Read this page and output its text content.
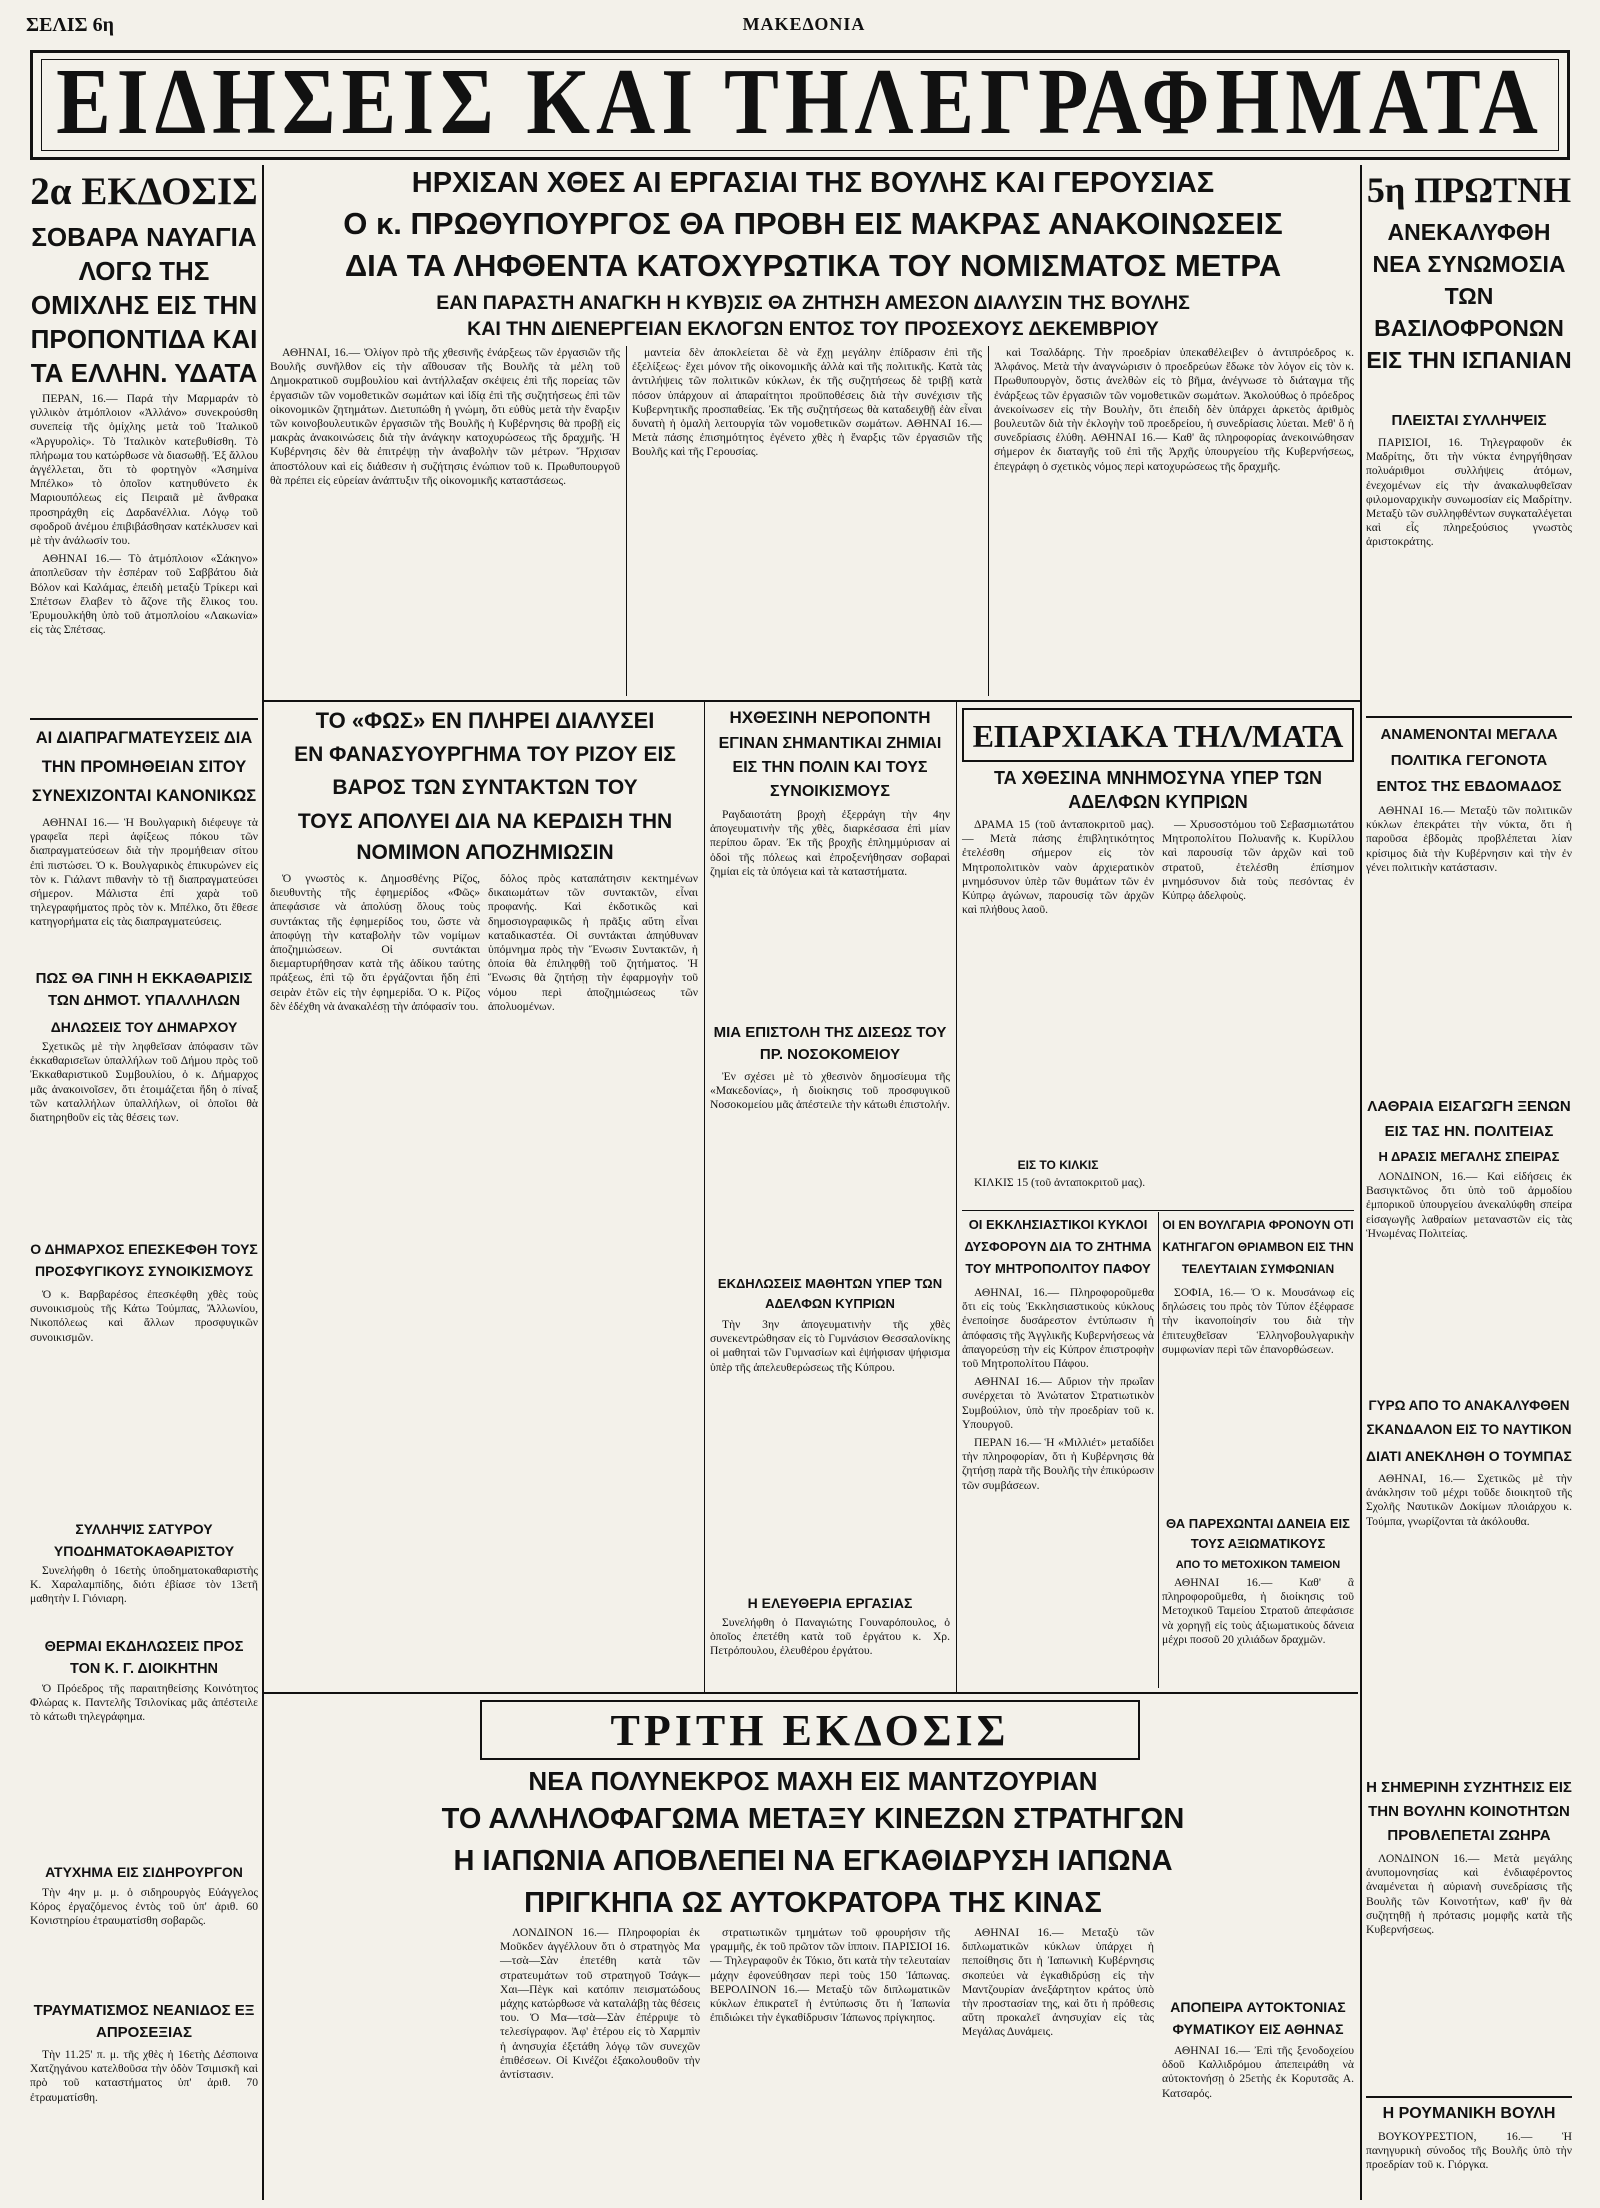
ΣΕΛΙΣ 6η	ΜΑΚΕΔΟΝΙΑ
ΕΙΔΗΣΕΙΣ ΚΑΙ ΤΗΛΕΓΡΑΦΗΜΑΤΑ
2α ΕΚΔΟΣΙΣ
ΣΟΒΑΡΑ ΝΑΥΑΓΙΑ ΛΟΓΩ ΤΗΣ ΟΜΙΧΛΗΣ ΕΙΣ ΤΗΝ ΠΡΟΠΟΝΤΙΔΑ ΚΑΙ ΤΑ ΕΛΛΗΝ. ΥΔΑΤΑ

ΠΕΡΑΝ, 16.— Παρά τὴν Μαρμαράν τὸ γιλλικὸν ἀτμόπλοιον «Ἀλλάνο» συνεκρούσθη συνεπείᾳ τῆς ὁμίχλης μετὰ τοῦ Ἰταλικοῦ «Ἀργυρολὶς». Τὸ Ἰταλικὸν κατεβυθίσθη. Τὸ πλήρωμα του κατώρθωσε νὰ διασωθῇ. Ἐξ ἄλλου ἀγγέλλεται, ὅτι τὸ φορτηγὸν «Ἀσημίνα Μπέλκο» τὸ ὁποῖον κατηυθύνετο ἐκ Μαριουπόλεως εἰς Πειραιᾶ μὲ ἄνθρακα προσηράχθη εἰς Δαρδανέλλια. Λόγῳ τοῦ σφοδροῦ ἀνέμου ἐπιβιβάσθησαν κατέκλυσεν καὶ μὲ τὴν ἀνάλωσίν του.

ΑΘΗΝΑΙ 16.— Τὸ ἀτμόπλοιον «Σάκηνο» ἀποπλεῦσαν τὴν ἑσπέραν τοῦ Σαββάτου διὰ Βόλον καὶ Καλάμας, ἐπειδὴ μεταξὺ Τρίκερι καὶ Σπέτσων ἔλαβεν τὸ ἄζονε τῆς ἕλικος του. Ἐρυμουλκήθη ὑπὸ τοῦ ἀτμοπλοίου «Λακωνία» εἰς τὰς Σπέτσας.

ΑΙ ΔΙΑΠΡΑΓΜΑΤΕΥΣΕΙΣ ΔΙΑ ΤΗΝ ΠΡΟΜΗΘΕΙΑΝ ΣΙΤΟΥ ΣΥΝΕΧΙΖΟΝΤΑΙ ΚΑΝΟΝΙΚΩΣ

ΑΘΗΝΑΙ 16.— Ἡ Βουλγαρικὴ διέφευγε τὰ γραφεῖα περὶ ἀφίξεως πόκου τῶν διαπραγματεύσεων διὰ τὴν προμήθειαν σίτου ἐπὶ πιστώσει. Ὁ κ. Βουλγαρικὸς ἐπικυρώνεν εἰς τὸν κ. Γιάλαντ πιθανὴν τὸ τῇ διαπραγματεύσει σήμερον. Μάλιστα ἐπί χαρὰ τοῦ τηλεγραφήματος πρὸς τὸν κ. Μπέλκο, ὅτι ἔθεσε κατηγορήματα εἰς τὰς διαπραγματεύσεις.

ΠΩΣ ΘΑ ΓΙΝΗ Η ΕΚΚΑΘΑΡΙΣΙΣ ΤΩΝ ΔΗΜΟΤ. ΥΠΑΛΛΗΛΩΝ
ΔΗΛΩΣΕΙΣ ΤΟΥ ΔΗΜΑΡΧΟΥ

Σχετικῶς μὲ τὴν ληφθεῖσαν ἀπόφασιν τῶν ἐκκαθαρισεῖων ὑπαλλήλων τοῦ Δήμου πρὸς τοῦ Ἐκκαθαριστικοῦ Συμβουλίου, ὁ κ. Δήμαρχος μᾶς ἀνακοινοῖσεν, ὅτι ἐτοιμάζεται ἤδη ὁ πίναξ τῶν καταλλήλων ὑπαλλήλων, οἱ ὁποῖοι θὰ διατηρηθοῦν εἰς τὰς θέσεις των.

Ο ΔΗΜΑΡΧΟΣ ΕΠΕΣΚΕΦΘΗ ΤΟΥΣ ΠΡΟΣΦΥΓΙΚΟΥΣ ΣΥΝΟΙΚΙΣΜΟΥΣ

Ὁ κ. Βαρβαρέσος ἐπεσκέφθη χθὲς τοὺς συνοικισμοὺς τῆς Κάτω Τούμπας, Ἄλλωνίου, Νικοπόλεως καὶ ἄλλων προσφυγικῶν συνοικισμῶν.

ΣΥΛΛΗΨΙΣ ΣΑΤΥΡΟΥ ΥΠΟΔΗΜΑΤΟΚΑΘΑΡΙΣΤΟΥ

Συνελήφθη ὁ 16ετὴς ὑποδηματοκαθαριστὴς Κ. Χαραλαμπίδης, διότι ἐβίασε τὸν 13ετῆ μαθητὴν Ι. Γιόνιαρη.

ΘΕΡΜΑΙ ΕΚΔΗΛΩΣΕΙΣ ΠΡΟΣ ΤΟΝ Κ. Γ. ΔΙΟΙΚΗΤΗΝ

Ὁ Πρόεδρος τῆς παραιτηθείσης Κοινότητος Φλώρας κ. Παντελῆς Τσιλονίκας μᾶς ἀπέστειλε τὸ κάτωθι τηλεγράφημα.

ΑΤΥΧΗΜΑ ΕΙΣ ΣΙΔΗΡΟΥΡΓΟΝ

Τὴν 4ην μ. μ. ὁ σιδηρουργὸς Εὐάγγελος Κόρος ἐργαζόμενος ἐντὸς τοῦ ὑπ' ἀριθ. 60 Κονιστηρίου ἐτραυματίσθη σοβαρῶς.

ΤΡΑΥΜΑΤΙΣΜΟΣ ΝΕΑΝΙΔΟΣ ΕΞ ΑΠΡΟΣΕΞΙΑΣ

Τὴν 11.25' π. μ. τῆς χθὲς ἡ 16ετὴς Δέσποινα Χατζηγάνου κατελθοῦσα τὴν ὁδὸν Τσιμισκῆ καὶ πρὸ τοῦ καταστήματος ὑπ' ἀριθ. 70 ἐτραυματίσθη.

ΗΡΧΙΣΑΝ ΧΘΕΣ ΑΙ ΕΡΓΑΣΙΑΙ ΤΗΣ ΒΟΥΛΗΣ ΚΑΙ ΓΕΡΟΥΣΙΑΣ
Ο κ. ΠΡΩΘΥΠΟΥΡΓΟΣ ΘΑ ΠΡΟΒΗ ΕΙΣ ΜΑΚΡΑΣ ΑΝΑΚΟΙΝΩΣΕΙΣ
ΔΙΑ ΤΑ ΛΗΦΘΕΝΤΑ ΚΑΤΟΧΥΡΩΤΙΚΑ ΤΟΥ ΝΟΜΙΣΜΑΤΟΣ ΜΕΤΡΑ
ΕΑΝ ΠΑΡΑΣΤΗ ΑΝΑΓΚΗ Η ΚΥΒ)ΣΙΣ ΘΑ ΖΗΤΗΣΗ ΑΜΕΣΟΝ ΔΙΑΛΥΣΙΝ ΤΗΣ ΒΟΥΛΗΣ
ΚΑΙ ΤΗΝ ΔΙΕΝΕΡΓΕΙΑΝ ΕΚΛΟΓΩΝ ΕΝΤΟΣ ΤΟΥ ΠΡΟΣΕΧΟΥΣ ΔΕΚΕΜΒΡΙΟΥ

ΑΘΗΝΑΙ, 16.— Ὀλίγον πρὸ τῆς χθεσινῆς ἐνάρξεως τῶν ἐργασιῶν τῆς Βουλῆς συνῆλθον εἰς τὴν αἴθουσαν τῆς Βουλῆς τὰ μέλη τοῦ Δημοκρατικοῦ συμβουλίου καὶ ἀντήλλαξαν σκέψεις ἐπὶ τῆς πορείας τῶν ἐργασιῶν τῶν νομοθετικῶν σωμάτων καὶ ἰδίᾳ ἐπὶ τῆς συζητήσεως ἐπὶ τῶν οἰκονομικῶν ζητημάτων. Διετυπώθη ἡ γνώμη, ὅτι εὐθὺς μετὰ τὴν ἔναρξιν τῶν κοινοβουλευτικῶν ἐργασιῶν τῆς Βουλῆς ἡ Κυβέρνησις θὰ προβῇ εἰς μακρὰς ἀνακοινώσεις διὰ τὴν ἀνάγκην κατοχυρώσεως τῆς δραχμῆς. Ἡ Κυβέρνησις δὲν θὰ ἐπιτρέψῃ τὴν ἀναβολὴν τῶν μέτρων. Ἥρχισαν ἀποστόλουν καὶ εἰς διάθεσιν ἡ συζήτησις ἐνώπιον τοῦ κ. Πρωθυπουργοῦ θὰ πρέπει εἰς εὐρείαν ἀνάπτυξιν τῆς οἰκονομικῆς καταστάσεως.

μαντεία δὲν ἀποκλείεται δὲ νὰ ἔχῃ μεγάλην ἐπίδρασιν ἐπὶ τῆς ἐξελίξεως· ἔχει μόνον τῆς οἰκονομικῆς ἀλλὰ καὶ τῆς πολιτικῆς. Κατὰ τὰς ἀντιλήψεις τῶν πολιτικῶν κύκλων, ἐκ τῆς συζητήσεως δὲ τριβῇ κατὰ πόσον ὑπάρχουν αἱ ἀπαραίτητοι προϋποθέσεις διὰ τὴν συνέχισιν τῆς Κυβερνητικῆς προσπαθείας. Ἐκ τῆς συζητήσεως θὰ καταδειχθῇ ἐὰν εἶναι δυνατὴ ἡ ὁμαλὴ λειτουργία τῶν νομοθετικῶν σωμάτων. ΑΘΗΝΑΙ 16.— Μετὰ πάσης ἐπισημότητος ἐγένετο χθὲς ἡ ἔναρξις τῶν ἐργασιῶν τῆς Βουλῆς καὶ τῆς Γερουσίας.

καὶ Τσαλδάρης. Τὴν προεδρίαν ὑπεκαθέλειβεν ὁ ἀντιπρόεδρος κ. Ἀλφάνος. Μετὰ τὴν ἀναγνώρισιν ὁ προεδρεύων ἔδωκε τὸν λόγον εἰς τὸν κ. Πρωθυπουργὸν, ὅστις ἀνελθὼν εἰς τὸ βῆμα, ἀνέγνωσε τὸ διάταγμα τῆς ἐνάρξεως τῶν ἐργασιῶν τῶν νομοθετικῶν σωμάτων. Ἀκολούθως ὁ πρόεδρος ἀνεκοίνωσεν εἰς τὴν Βουλὴν, ὅτι ἐπειδὴ δὲν ὑπάρχει ἀρκετὸς ἀριθμὸς βουλευτῶν διὰ τὴν ἐκλογὴν τοῦ προεδρείου, ἡ συνεδρίασις λύεται. Μεθ' ὃ ἡ συνεδρίασις ἐλύθη. ΑΘΗΝΑΙ 16.— Καθ' ἃς πληροφορίας ἀνεκοινώθησαν σήμερον ἐκ διαταγῆς τοῦ ἐπὶ τῆς Ἀρχῆς ὑπουργείου τῆς Κυβερνήσεως, ἐπεγράφη ὁ σχετικὸς νόμος περὶ κατοχυρώσεως τῆς δραχμῆς.

ΤΟ «ΦΩΣ» ΕΝ ΠΛΗΡΕΙ ΔΙΑΛΥΣΕΙ
ΕΝ ΦΑΝΑΣΥΟΥΡΓΗΜΑ ΤΟΥ ΡΙΖΟΥ ΕΙΣ ΒΑΡΟΣ ΤΩΝ ΣΥΝΤΑΚΤΩΝ ΤΟΥ
ΤΟΥΣ ΑΠΟΛΥΕΙ ΔΙΑ ΝΑ ΚΕΡΔΙΣΗ ΤΗΝ ΝΟΜΙΜΟΝ ΑΠΟΖΗΜΙΩΣΙΝ

Ὁ γνωστὸς κ. Δημοσθένης Ρίζος, διευθυντὴς τῆς ἐφημερίδος «Φῶς» ἀπεφάσισε νὰ ἀπολύσῃ ὅλους τοὺς συντάκτας τῆς ἐφημερίδος του, ὥστε νὰ ἀποφύγῃ τὴν καταβολὴν τῶν νομίμων ἀποζημιώσεων. Οἱ συντάκται διεμαρτυρήθησαν κατὰ τῆς ἀδίκου ταύτης πράξεως, ἐπὶ τῷ ὅτι ἐργάζονται ἤδη ἐπὶ σειρὰν ἐτῶν εἰς τὴν ἐφημερίδα. Ὁ κ. Ρίζος δὲν ἐδέχθη νὰ ἀνακαλέσῃ τὴν ἀπόφασίν του.

δόλος πρὸς καταπάτησιν κεκτημένων δικαιωμάτων τῶν συντακτῶν, εἶναι προφανής. Καὶ ἐκδοτικῶς καὶ δημοσιογραφικῶς ἡ πρᾶξις αὕτη εἶναι καταδικαστέα. Οἱ συντάκται ἀπηύθυναν ὑπόμνημα πρὸς τὴν Ἕνωσιν Συντακτῶν, ἡ ὁποία θὰ ἐπιληφθῇ τοῦ ζητήματος. Ἡ Ἕνωσις θὰ ζητήσῃ τὴν ἐφαρμογὴν τοῦ νόμου περὶ ἀποζημιώσεως τῶν ἀπολυομένων.

ΗΧΘΕΣΙΝΗ ΝΕΡΟΠΟΝΤΗ
ΕΓΙΝΑΝ ΣΗΜΑΝΤΙΚΑΙ ΖΗΜΙΑΙ ΕΙΣ ΤΗΝ ΠΟΛΙΝ ΚΑΙ ΤΟΥΣ ΣΥΝΟΙΚΙΣΜΟΥΣ

Ραγδαιοτάτη βροχὴ ἐξερράγη τὴν 4ην ἀπογευματινὴν τῆς χθὲς, διαρκέσασα ἐπὶ μίαν περίπου ὥραν. Ἐκ τῆς βροχῆς ἐπλημμύρισαν αἱ ὁδοὶ τῆς πόλεως καὶ ἐπροξενήθησαν σοβαραὶ ζημίαι εἰς τὰ ὑπόγεια καὶ τὰ καταστήματα.

ΜΙΑ ΕΠΙΣΤΟΛΗ ΤΗΣ ΔΙΣΕΩΣ ΤΟΥ ΠΡ. ΝΟΣΟΚΟΜΕΙΟΥ

Ἐν σχέσει μὲ τὸ χθεσινὸν δημοσίευμα τῆς «Μακεδονίας», ἡ διοίκησις τοῦ προσφυγικοῦ Νοσοκομείου μᾶς ἀπέστειλε τὴν κάτωθι ἐπιστολήν.

ΕΚΔΗΛΩΣΕΙΣ ΜΑΘΗΤΩΝ ΥΠΕΡ ΤΩΝ ΑΔΕΛΦΩΝ ΚΥΠΡΙΩΝ

Τὴν 3ην ἀπογευματινὴν τῆς χθὲς συνεκεντρώθησαν εἰς τὸ Γυμνάσιον Θεσσαλονίκης οἱ μαθηταὶ τῶν Γυμνασίων καὶ ἐψήφισαν ψήφισμα ὑπὲρ τῆς ἀπελευθερώσεως τῆς Κύπρου.

Η ΕΛΕΥΘΕΡΙΑ ΕΡΓΑΣΙΑΣ

Συνελήφθη ὁ Παναγιώτης Γουναρόπουλος, ὁ ὁποῖος ἐπετέθη κατὰ τοῦ ἐργάτου κ. Χρ. Πετρόπουλου, ἐλευθέρου ἐργάτου.

ΕΠΑΡΧΙΑΚΑ ΤΗΛ/ΜΑΤΑ
ΤΑ ΧΘΕΣΙΝΑ ΜΝΗΜΟΣΥΝΑ ΥΠΕΡ ΤΩΝ ΑΔΕΛΦΩΝ ΚΥΠΡΙΩΝ

ΔΡΑΜΑ 15 (τοῦ ἀνταποκριτοῦ μας).— Μετὰ πάσης ἐπιβλητικότητος ἐτελέσθη σήμερον εἰς τὸν Μητροπολιτικὸν ναὸν ἀρχιερατικὸν μνημόσυνον ὑπὲρ τῶν θυμάτων τῶν ἐν Κύπρῳ ἀγώνων, παρουσίᾳ τῶν ἀρχῶν καὶ πλήθους λαοῦ.

— Χρυσοστόμου τοῦ Σεβασμιωτάτου Μητροπολίτου Πολυανῆς κ. Κυρίλλου καὶ παρουσίᾳ τῶν ἀρχῶν καὶ τοῦ στρατοῦ, ἐτελέσθη ἐπίσημον μνημόσυνον διὰ τοὺς πεσόντας ἐν Κύπρῳ ἀδελφοὺς.

ΕΙΣ ΤΟ ΚΙΛΚΙΣ

ΚΙΛΚΙΣ 15 (τοῦ ἀνταποκριτοῦ μας).

ΟΙ ΕΚΚΛΗΣΙΑΣΤΙΚΟΙ ΚΥΚΛΟΙ ΔΥΣΦΟΡΟΥΝ ΔΙΑ ΤΟ ΖΗΤΗΜΑ ΤΟΥ ΜΗΤΡΟΠΟΛΙΤΟΥ ΠΑΦΟΥ

ΑΘΗΝΑΙ, 16.— Πληροφοροῦμεθα ὅτι εἰς τοὺς Ἐκκλησιαστικοὺς κύκλους ἐνεποίησε δυσάρεστον ἐντύπωσιν ἡ ἀπόφασις τῆς Ἀγγλικῆς Κυβερνήσεως νὰ ἀπαγορεύσῃ τὴν εἰς Κύπρον ἐπιστροφὴν τοῦ Μητροπολίτου Πάφου.

ΑΘΗΝΑΙ 16.— Αὔριον τὴν πρωΐαν συνέρχεται τὸ Ἀνώτατον Στρατιωτικὸν Συμβούλιον, ὑπὸ τὴν προεδρίαν τοῦ κ. Υπουργοῦ.

ΠΕΡΑΝ 16.— Ἡ «Μιλλιέτ» μεταδίδει τὴν πληροφορίαν, ὅτι ἡ Κυβέρνησις θὰ ζητήσῃ παρὰ τῆς Βουλῆς τὴν ἐπικύρωσιν τῶν συμβάσεων.

ΟΙ ΕΝ ΒΟΥΛΓΑΡΙΑ ΦΡΟΝΟΥΝ ΟΤΙ ΚΑΤΗΓΑΓΟΝ ΘΡΙΑΜΒΟΝ ΕΙΣ ΤΗΝ ΤΕΛΕΥΤΑΙΑΝ ΣΥΜΦΩΝΙΑΝ

ΣΟΦΙΑ, 16.— Ὁ κ. Μουσάνωφ εἰς δηλώσεις του πρὸς τὸν Τύπον ἐξέφρασε τὴν ἱκανοποίησίν του διὰ τὴν ἐπιτευχθεῖσαν Ἑλληνοβουλγαρικὴν συμφωνίαν περὶ τῶν ἐπανορθώσεων.

ΘΑ ΠΑΡΕΧΩΝΤΑΙ ΔΑΝΕΙΑ ΕΙΣ ΤΟΥΣ ΑΞΙΩΜΑΤΙΚΟΥΣ
ΑΠΟ ΤΟ ΜΕΤΟΧΙΚΟΝ ΤΑΜΕΙΟΝ

ΑΘΗΝΑΙ 16.— Καθ' ἃ πληροφοροῦμεθα, ἡ διοίκησις τοῦ Μετοχικοῦ Ταμείου Στρατοῦ ἀπεφάσισε νὰ χορηγῇ εἰς τοὺς ἀξιωματικοὺς δάνεια μέχρι ποσοῦ 20 χιλιάδων δραχμῶν.

ΑΠΟΠΕΙΡΑ ΑΥΤΟΚΤΟΝΙΑΣ ΦΥΜΑΤΙΚΟΥ ΕΙΣ ΑΘΗΝΑΣ

ΑΘΗΝΑΙ 16.— Ἐπὶ τῆς ξενοδοχείου ὁδοῦ Καλλιδρόμου ἀπεπειράθη νὰ αὐτοκτονήσῃ ὁ 25ετὴς ἐκ Κορυτσᾶς Α. Κατσαρός.

ΤΡΙΤΗ ΕΚΔΟΣΙΣ
ΝΕΑ ΠΟΛΥΝΕΚΡΟΣ ΜΑΧΗ ΕΙΣ ΜΑΝΤΖΟΥΡΙΑΝ
ΤΟ ΑΛΛΗΛΟΦΑΓΩΜΑ ΜΕΤΑΞΥ ΚΙΝΕΖΩΝ ΣΤΡΑΤΗΓΩΝ
Η ΙΑΠΩΝΙΑ ΑΠΟΒΛΕΠΕΙ ΝΑ ΕΓΚΑΘΙΔΡΥΣΗ ΙΑΠΩΝΑ
ΠΡΙΓΚΗΠΑ ΩΣ ΑΥΤΟΚΡΑΤΟΡΑ ΤΗΣ ΚΙΝΑΣ

ΛΟΝΔΙΝΟΝ 16.— Πληροφορίαι ἐκ Μοῦκδεν ἀγγέλλουν ὅτι ὁ στρατηγὸς Μα—τσὰ—Σὰν ἐπετέθη κατὰ τῶν στρατευμάτων τοῦ στρατηγοῦ Τσάγκ—Χαι—Πὲγκ καὶ κατόπιν πεισματώδους μάχης κατώρθωσε νὰ καταλάβῃ τὰς θέσεις του. Ὁ Μα—τσὰ—Σὰν ἐπέρριψε τὸ τελεσίγραφον. Ἀφ' ἑτέρου εἰς τὸ Χαρμπὶν ἡ ἀνησυχία ἐξετάθη λόγῳ τῶν συνεχῶν ἐπιθέσεων. Οἱ Κινέζοι ἐξακολουθοῦν τὴν ἀντίστασιν.

στρατιωτικῶν τμημάτων τοῦ φρουρήσιν τῆς γραμμῆς, ἐκ τοῦ πρῶτον τῶν ἱπποιν. ΠΑΡΙΣΙΟΙ 16.— Τηλεγραφοῦν ἐκ Τόκιο, ὅτι κατὰ τὴν τελευταίαν μάχην ἐφονεύθησαν περὶ τοὺς 150 Ἰάπωνας. ΒΕΡΟΛΙΝΟΝ 16.— Μεταξὺ τῶν διπλωματικῶν κύκλων ἐπικρατεῖ ἡ ἐντύπωσις ὅτι ἡ Ἰαπωνία ἐπιδιώκει τὴν ἐγκαθίδρυσιν Ἰάπωνος πρίγκηπος.

ΑΘΗΝΑΙ 16.— Μεταξὺ τῶν διπλωματικῶν κύκλων ὑπάρχει ἡ πεποίθησις ὅτι ἡ Ἰαπωνικὴ Κυβέρνησις σκοπεύει νὰ ἐγκαθιδρύσῃ εἰς τὴν Μαντζουρίαν ἀνεξάρτητον κράτος ὑπὸ τὴν προστασίαν της, καὶ ὅτι ἡ πρόθεσις αὕτη προκαλεῖ ἀνησυχίαν εἰς τὰς Μεγάλας Δυνάμεις.

5η ΠΡΩΤΝΗ
ΑΝΕΚΑΛΥΦΘΗ ΝΕΑ ΣΥΝΩΜΟΣΙΑ ΤΩΝ ΒΑΣΙΛΟΦΡΟΝΩΝ ΕΙΣ ΤΗΝ ΙΣΠΑΝΙΑΝ
ΠΛΕΙΣΤΑΙ ΣΥΛΛΗΨΕΙΣ

ΠΑΡΙΣΙΟΙ, 16. Τηλεγραφοῦν ἐκ Μαδρίτης, ὅτι τὴν νύκτα ἐνηργήθησαν πολυάριθμοι συλλήψεις ἀτόμων, ἐνεχομένων εἰς τὴν ἀνακαλυφθεῖσαν φιλομοναρχικὴν συνωμοσίαν εἰς Μαδρίτην. Μεταξὺ τῶν συλληφθέντων συγκαταλέγεται καὶ εἷς πληρεξούσιος γνωστὸς ἀριστοκράτης.

ΑΝΑΜΕΝΟΝΤΑΙ ΜΕΓΑΛΑ ΠΟΛΙΤΙΚΑ ΓΕΓΟΝΟΤΑ ΕΝΤΟΣ ΤΗΣ ΕΒΔΟΜΑΔΟΣ

ΑΘΗΝΑΙ 16.— Μεταξὺ τῶν πολιτικῶν κύκλων ἐπεκράτει τὴν νύκτα, ὅτι ἡ παροῦσα ἑβδομὰς προβλέπεται λίαν κρίσιμος διὰ τὴν Κυβέρνησιν καὶ τὴν ἐν γένει πολιτικὴν κατάστασιν.

ΛΑΘΡΑΙΑ ΕΙΣΑΓΩΓΗ ΞΕΝΩΝ ΕΙΣ ΤΑΣ ΗΝ. ΠΟΛΙΤΕΙΑΣ
Η ΔΡΑΣΙΣ ΜΕΓΑΛΗΣ ΣΠΕΙΡΑΣ

ΛΟΝΔΙΝΟΝ, 16.— Καὶ εἰδήσεις ἐκ Βασιγκτῶνος ὅτι ὑπὸ τοῦ ἀρμοδίου ἐμπορικοῦ ὑπουργείου ἀνεκαλύφθη σπείρα εἰσαγωγῆς λαθραίων μεταναστῶν εἰς τὰς Ἡνωμένας Πολιτείας.

ΓΥΡΩ ΑΠΟ ΤΟ ΑΝΑΚΑΛΥΦΘΕΝ ΣΚΑΝΔΑΛΟΝ ΕΙΣ ΤΟ ΝΑΥΤΙΚΟΝ
ΔΙΑΤΙ ΑΝΕΚΛΗΘΗ Ο ΤΟΥΜΠΑΣ

ΑΘΗΝΑΙ, 16.— Σχετικῶς μὲ τὴν ἀνάκλησιν τοῦ μέχρι τοῦδε διοικητοῦ τῆς Σχολῆς Ναυτικῶν Δοκίμων πλοιάρχου κ. Τούμπα, γνωρίζονται τὰ ἀκόλουθα.

Η ΣΗΜΕΡΙΝΗ ΣΥΖΗΤΗΣΙΣ ΕΙΣ ΤΗΝ ΒΟΥΛΗΝ ΚΟΙΝΟΤΗΤΩΝ ΠΡΟΒΛΕΠΕΤΑΙ ΖΩΗΡΑ

ΛΟΝΔΙΝΟΝ 16.— Μετὰ μεγάλης ἀνυπομονησίας καὶ ἐνδιαφέροντος ἀναμένεται ἡ αὐριανὴ συνεδρίασις τῆς Βουλῆς τῶν Κοινοτήτων, καθ' ἣν θὰ συζητηθῇ ἡ πρότασις μομφῆς κατὰ τῆς Κυβερνήσεως.

Η ΡΟΥΜΑΝΙΚΗ ΒΟΥΛΗ

ΒΟΥΚΟΥΡΕΣΤΙΟΝ, 16.— Ἡ πανηγυρικὴ σύνοδος τῆς Βουλῆς ὑπὸ τὴν προεδρίαν τοῦ κ. Γιόργκα.
